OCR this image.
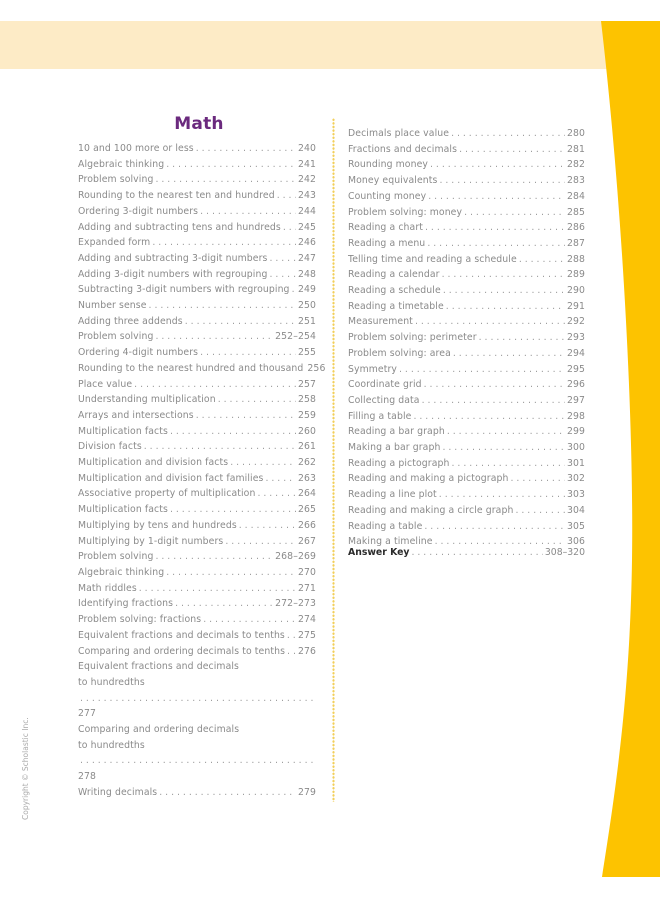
Math
10 and 100 more or less . . .	240
Algebraic thinking . . .	241
Problem solving . . .	242
Rounding to the nearest ten and hundred . . . 243
Ordering 3-digit numbers . . .	244
Adding and subtracting tens and hundreds . . . 245
Expanded form . . .	246
Adding and subtracting 3-digit numbers . . .	247
Adding 3-digit numbers with regrouping . . .	248
Subtracting 3-digit numbers with regrouping . . . 249
Number sense . . .	250
Adding three addends . . .	251
Problem solving . . .	252–254
Ordering 4-digit numbers . . .	255
Rounding to the nearest hundred and thousand 256
Place value . . .	257
Understanding multiplication . . .	258
Arrays and intersections . . .	259
Multiplication facts . . .	260
Division facts . . .	261
Multiplication and division facts . . .	262
Multiplication and division fact families . . .	263
Associative property of multiplication . . .	264
Multiplication facts . . .	265
Multiplying by tens and hundreds . . .	266
Multiplying by 1-digit numbers . . .	267
Problem solving . . .	268–269
Algebraic thinking . . .	270
Math riddles . . .	271
Identifying fractions . . .	272–273
Problem solving: fractions . . .	274
Equivalent fractions and decimals to tenths . . . 275
Comparing and ordering decimals to tenths . . . 276
Equivalent fractions and decimals
to hundredths
. . .
277
Comparing and ordering decimals
to hundredths
. . .
278
Writing decimals . . .	279
Decimals place value . . .	280
Fractions and decimals . . .	281
Rounding money . . .	282
Money equivalents . . .	283
Counting money . . .	284
Problem solving: money . . .	285
Reading a chart . . .	286
Reading a menu . . .	287
Telling time and reading a schedule . . .	288
Reading a calendar . . .	289
Reading a schedule . . .	290
Reading a timetable . . .	291
Measurement . . .	292
Problem solving: perimeter . . .	293
Problem solving: area . . .	294
Symmetry . . .	295
Coordinate grid . . .	296
Collecting data . . .	297
Filling a table . . .	298
Reading a bar graph . . .	299
Making a bar graph . . .	300
Reading a pictograph . . .	301
Reading and making a pictograph . . .	302
Reading a line plot . . .	303
Reading and making a circle graph . . .	304
Reading a table . . .	305
Making a timeline . . .	306
Answer Key . . .	308–320
Copyright © Scholastic Inc.
